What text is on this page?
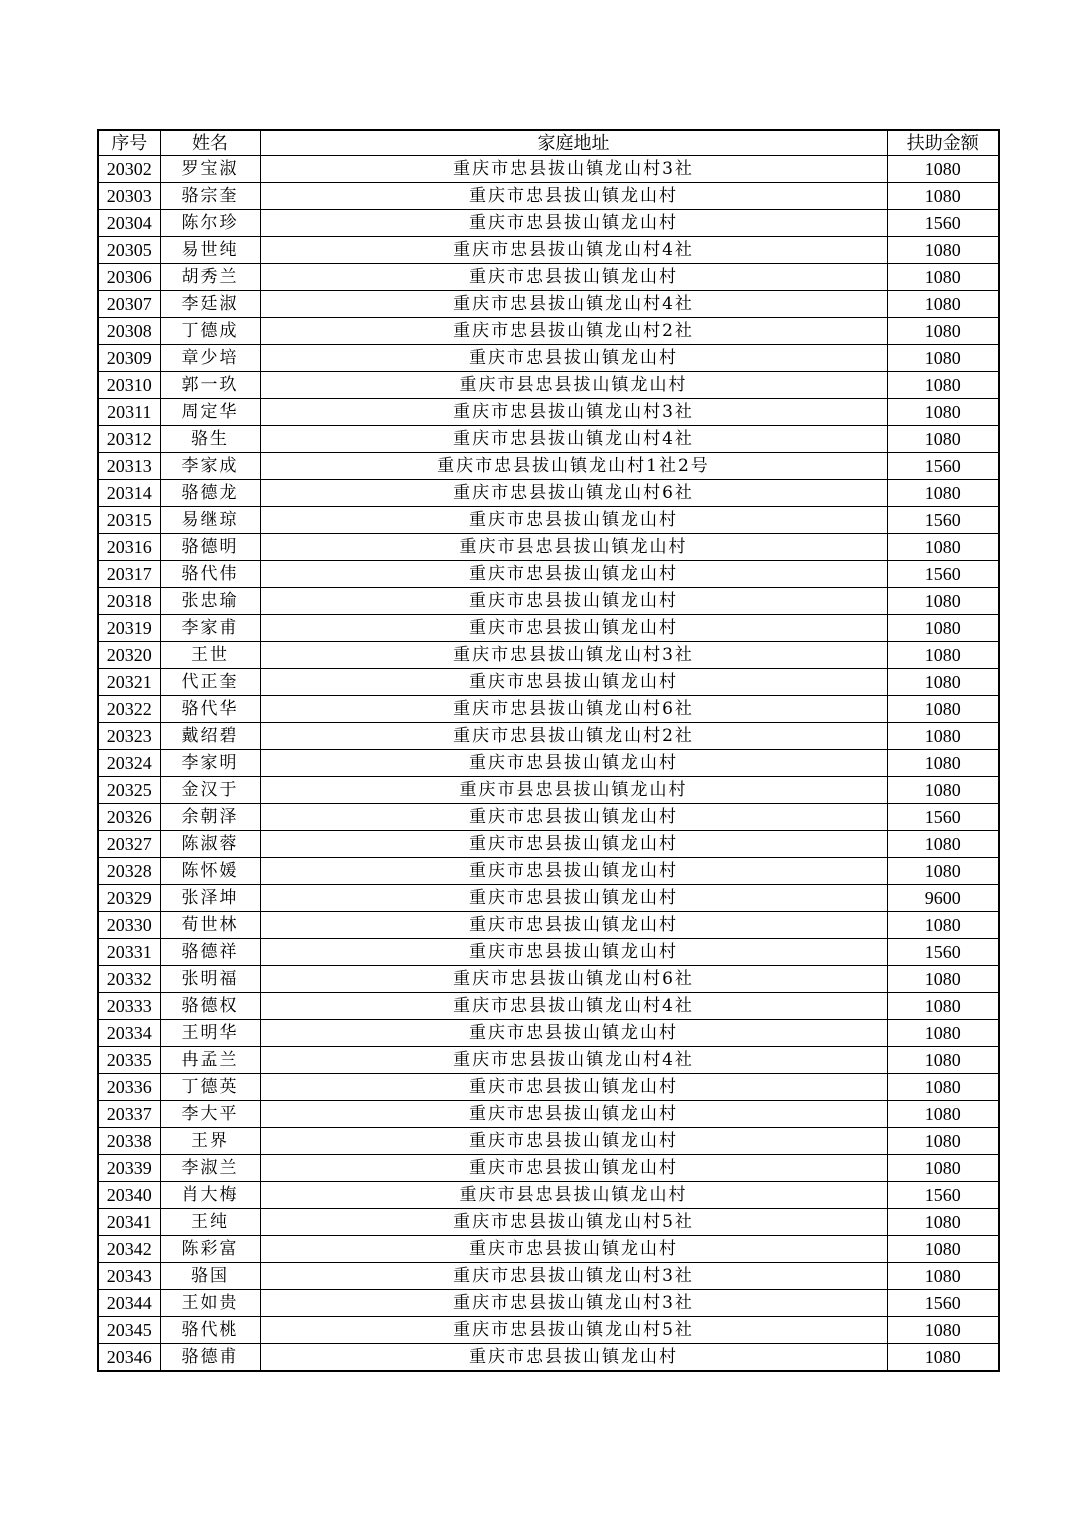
序号	姓名	家庭地址	扶助金额
20302	罗宝淑	重庆市忠县拔山镇龙山村3社	1080
20303	骆宗奎	重庆市忠县拔山镇龙山村	1080
20304	陈尔珍	重庆市忠县拔山镇龙山村	1560
20305	易世纯	重庆市忠县拔山镇龙山村4社	1080
20306	胡秀兰	重庆市忠县拔山镇龙山村	1080
20307	李廷淑	重庆市忠县拔山镇龙山村4社	1080
20308	丁德成	重庆市忠县拔山镇龙山村2社	1080
20309	章少培	重庆市忠县拔山镇龙山村	1080
20310	郭一玖	重庆市县忠县拔山镇龙山村	1080
20311	周定华	重庆市忠县拔山镇龙山村3社	1080
20312	骆生	重庆市忠县拔山镇龙山村4社	1080
20313	李家成	重庆市忠县拔山镇龙山村1社2号	1560
20314	骆德龙	重庆市忠县拔山镇龙山村6社	1080
20315	易继琼	重庆市忠县拔山镇龙山村	1560
20316	骆德明	重庆市县忠县拔山镇龙山村	1080
20317	骆代伟	重庆市忠县拔山镇龙山村	1560
20318	张忠瑜	重庆市忠县拔山镇龙山村	1080
20319	李家甫	重庆市忠县拔山镇龙山村	1080
20320	王世	重庆市忠县拔山镇龙山村3社	1080
20321	代正奎	重庆市忠县拔山镇龙山村	1080
20322	骆代华	重庆市忠县拔山镇龙山村6社	1080
20323	戴绍碧	重庆市忠县拔山镇龙山村2社	1080
20324	李家明	重庆市忠县拔山镇龙山村	1080
20325	金汉于	重庆市县忠县拔山镇龙山村	1080
20326	余朝泽	重庆市忠县拔山镇龙山村	1560
20327	陈淑蓉	重庆市忠县拔山镇龙山村	1080
20328	陈怀媛	重庆市忠县拔山镇龙山村	1080
20329	张泽坤	重庆市忠县拔山镇龙山村	9600
20330	荀世林	重庆市忠县拔山镇龙山村	1080
20331	骆德祥	重庆市忠县拔山镇龙山村	1560
20332	张明福	重庆市忠县拔山镇龙山村6社	1080
20333	骆德权	重庆市忠县拔山镇龙山村4社	1080
20334	王明华	重庆市忠县拔山镇龙山村	1080
20335	冉孟兰	重庆市忠县拔山镇龙山村4社	1080
20336	丁德英	重庆市忠县拔山镇龙山村	1080
20337	李大平	重庆市忠县拔山镇龙山村	1080
20338	王界	重庆市忠县拔山镇龙山村	1080
20339	李淑兰	重庆市忠县拔山镇龙山村	1080
20340	肖大梅	重庆市县忠县拔山镇龙山村	1560
20341	王纯	重庆市忠县拔山镇龙山村5社	1080
20342	陈彩富	重庆市忠县拔山镇龙山村	1080
20343	骆国	重庆市忠县拔山镇龙山村3社	1080
20344	王如贵	重庆市忠县拔山镇龙山村3社	1560
20345	骆代桃	重庆市忠县拔山镇龙山村5社	1080
20346	骆德甫	重庆市忠县拔山镇龙山村	1080
